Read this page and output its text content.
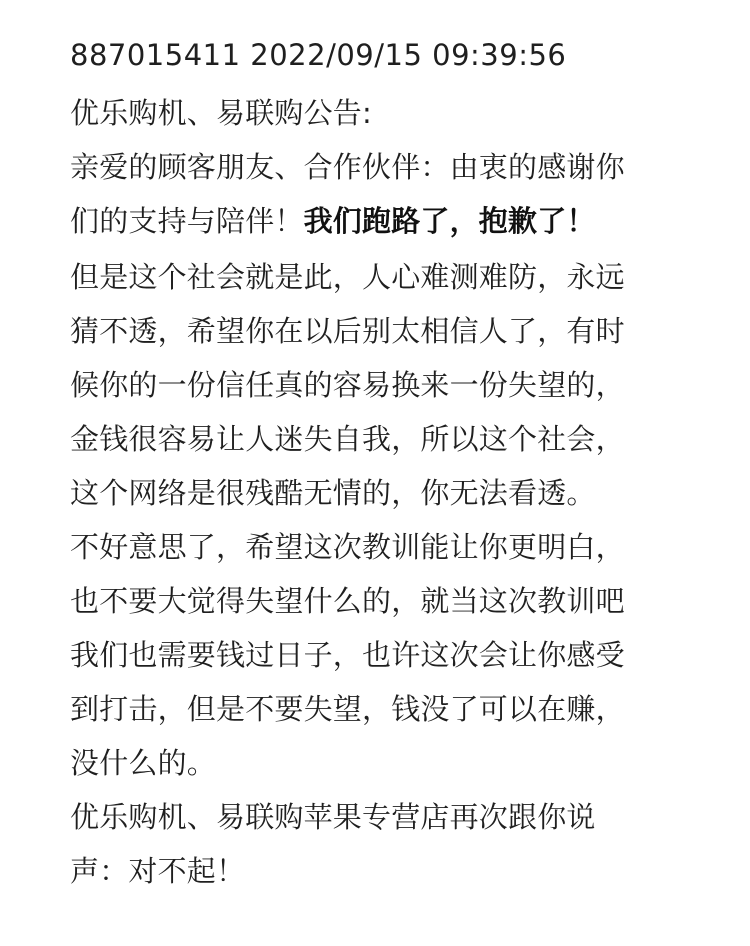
887015411 2022/09/15 09:39:56
优乐购机、易联购公告:
亲爱的顾客朋友、合作伙伴：由衷的感谢你
们的支持与陪伴！我们跑路了，抱歉了！
但是这个社会就是此，人心难测难防，永远
猜不透，希望你在以后别太相信人了，有时
候你的一份信任真的容易换来一份失望的，
金钱很容易让人迷失自我，所以这个社会，
这个网络是很残酷无情的，你无法看透。
不好意思了，希望这次教训能让你更明白，
也不要大觉得失望什么的，就当这次教训吧
我们也需要钱过日子，也许这次会让你感受
到打击，但是不要失望，钱没了可以在赚，
没什么的。
优乐购机、易联购苹果专营店再次跟你说
声：对不起！
